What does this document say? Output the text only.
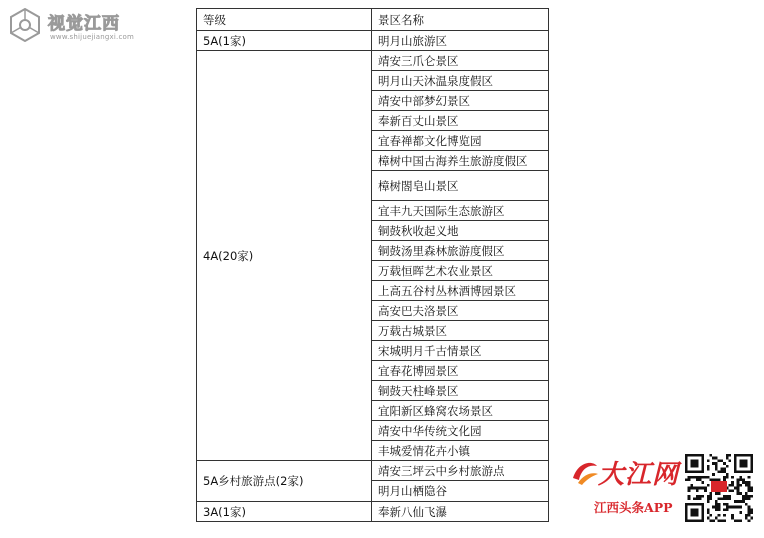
视觉江西
www.shijuejiangxi.com
等级	景区名称
5A(1家)	明月山旅游区
4A(20家)	靖安三爪仑景区
	明月山天沐温泉度假区
	靖安中部梦幻景区
	奉新百丈山景区
	宜春禅都文化博览园
	樟树中国古海养生旅游度假区
	樟树閤皂山景区
	宜丰九天国际生态旅游区
	铜鼓秋收起义地
	铜鼓汤里森林旅游度假区
	万载恒晖艺术农业景区
	上高五谷村丛林酒博园景区
	高安巴夫洛景区
	万载古城景区
	宋城明月千古情景区
	宜春花博园景区
	铜鼓天柱峰景区
	宜阳新区蜂窝农场景区
	靖安中华传统文化园
	丰城爱情花卉小镇
5A乡村旅游点(2家)	靖安三坪云中乡村旅游点
	明月山栖隐谷
3A(1家)	奉新八仙飞瀑
大江网
江西头条APP
